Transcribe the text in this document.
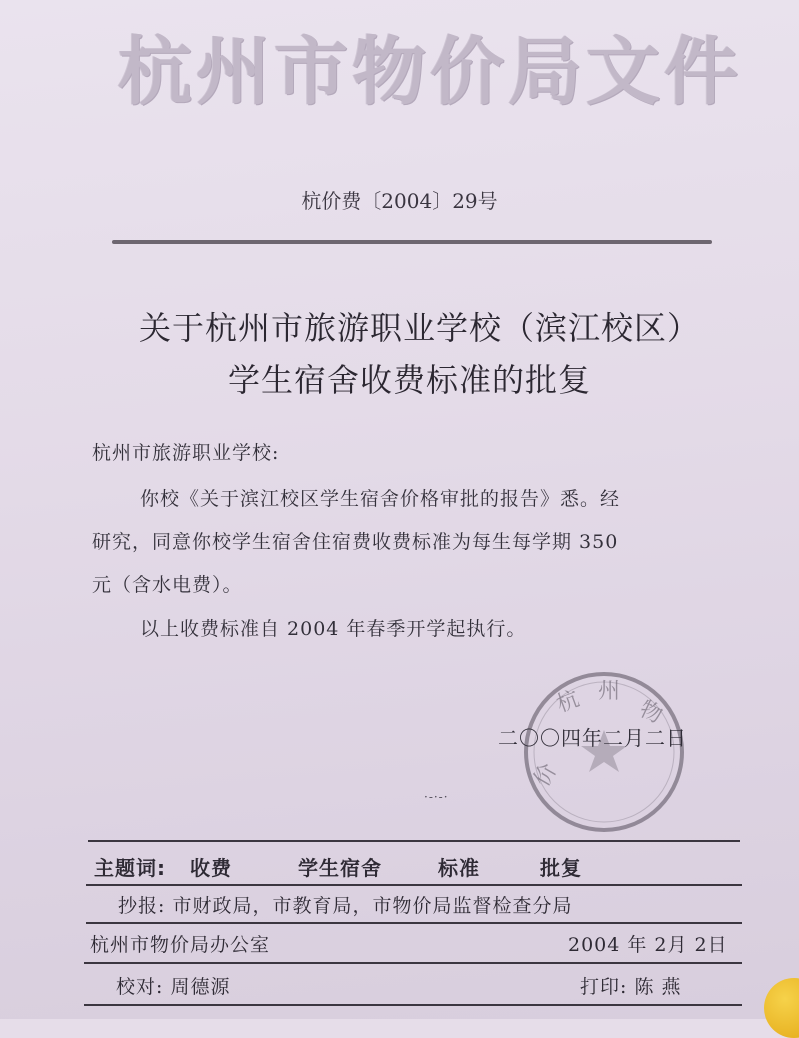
杭州市物价局文件
杭价费〔2004〕29号
关于杭州市旅游职业学校（滨江校区）
学生宿舍收费标准的批复
杭州市旅游职业学校:
你校《关于滨江校区学生宿舍价格审批的报告》悉。经
研究，同意你校学生宿舍住宿费收费标准为每生每学期 350
元（含水电费）。
以上收费标准自 2004 年春季开学起执行。
杭 州
物
价
二〇〇四年二月二日
·-·-·
主题词: 收费	学生宿舍	标准	批复
抄报: 市财政局，市教育局，市物价局监督检查分局
杭州市物价局办公室	2004 年 2月 2日
校对: 周德源	打印: 陈 燕
